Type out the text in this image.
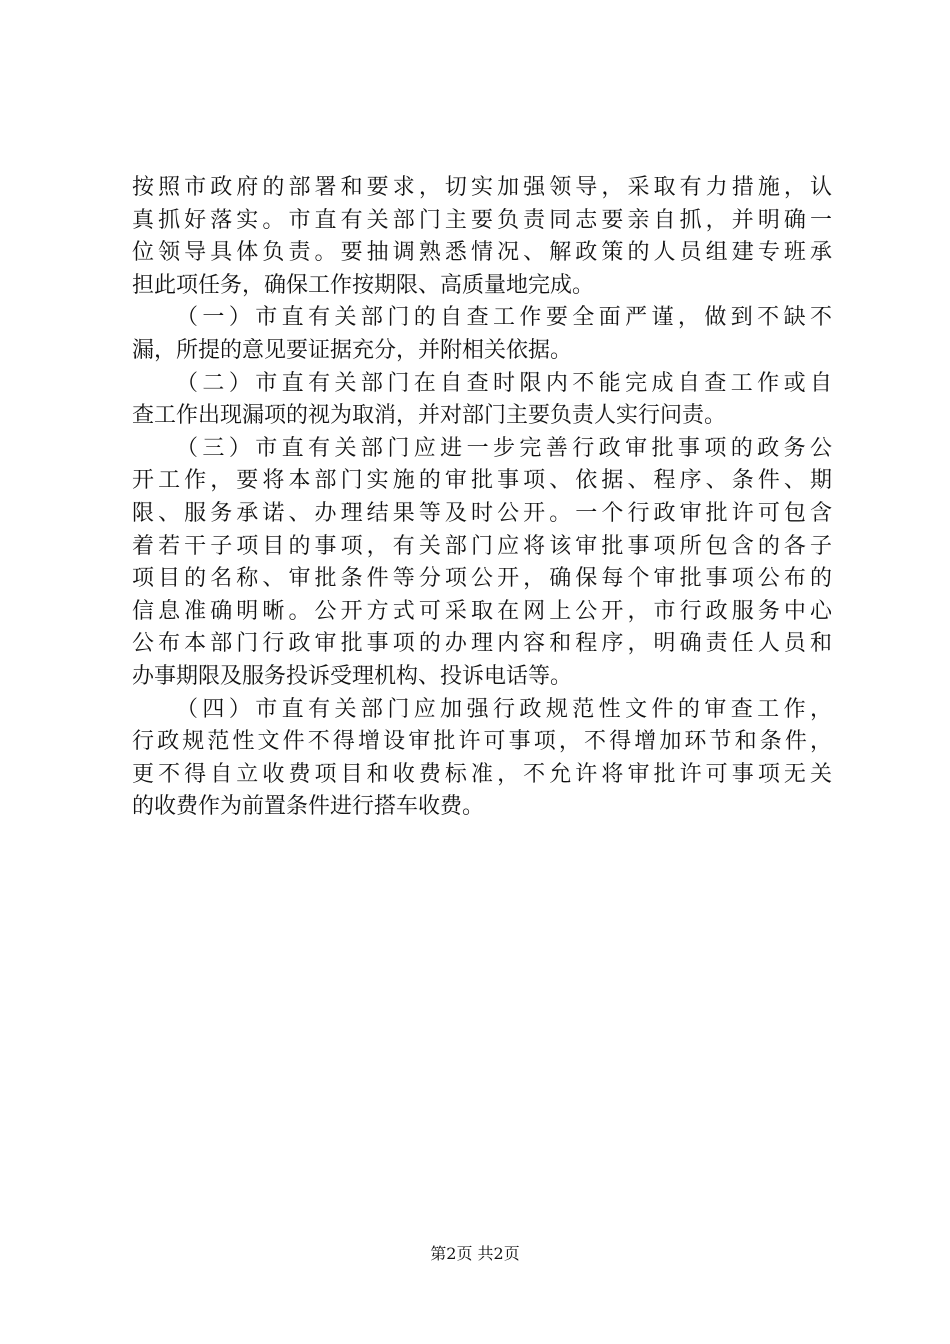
按照市政府的部署和要求，切实加强领导，采取有力措施，认
真抓好落实。市直有关部门主要负责同志要亲自抓，并明确一
位领导具体负责。要抽调熟悉情况、解政策的人员组建专班承
担此项任务，确保工作按期限、高质量地完成。
（一）市直有关部门的自查工作要全面严谨，做到不缺不
漏，所提的意见要证据充分，并附相关依据。
（二）市直有关部门在自查时限内不能完成自查工作或自
查工作出现漏项的视为取消，并对部门主要负责人实行问责。
（三）市直有关部门应进一步完善行政审批事项的政务公
开工作，要将本部门实施的审批事项、依据、程序、条件、期
限、服务承诺、办理结果等及时公开。一个行政审批许可包含
着若干子项目的事项，有关部门应将该审批事项所包含的各子
项目的名称、审批条件等分项公开，确保每个审批事项公布的
信息准确明晰。公开方式可采取在网上公开，市行政服务中心
公布本部门行政审批事项的办理内容和程序，明确责任人员和
办事期限及服务投诉受理机构、投诉电话等。
（四）市直有关部门应加强行政规范性文件的审查工作，
行政规范性文件不得增设审批许可事项，不得增加环节和条件，
更不得自立收费项目和收费标准，不允许将审批许可事项无关
的收费作为前置条件进行搭车收费。
第2页 共2页
